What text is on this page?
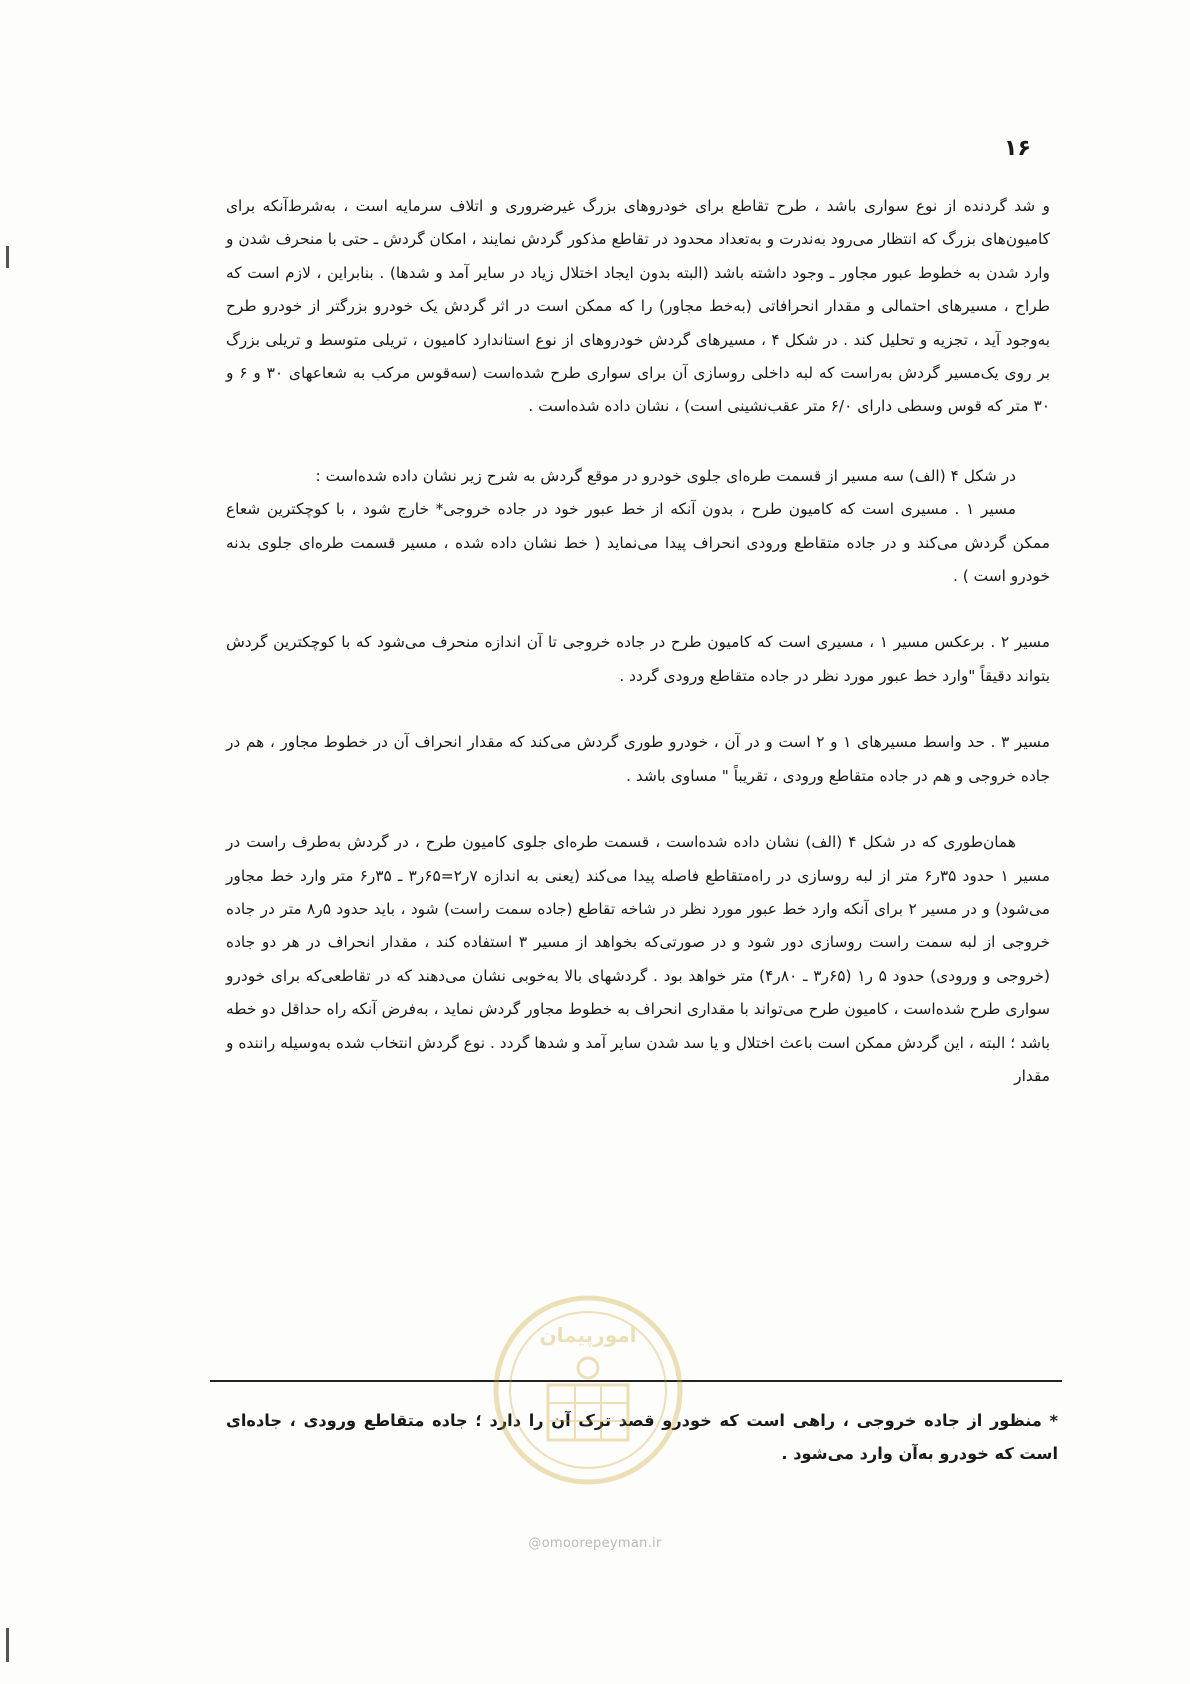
۱۶

و شد گردنده از نوع سواری باشد ، طرح تقاطع برای خودروهای بزرگ غیرضروری و اتلاف سرمایه است ، به‌شرط‌آنکه برای کامیون‌های بزرگ که انتظار می‌رود به‌ندرت و به‌تعداد محدود در تقاطع مذکور گردش نمایند ، امکان گردش ـ حتی با منحرف شدن و وارد شدن به خطوط عبور مجاور ـ وجود داشته باشد (البته بدون ایجاد اختلال زیاد در سایر آمد و شدها) . بنابراین ، لازم است که طراح ، مسیرهای احتمالی و مقدار انحرافاتی (به‌خط مجاور) را که ممکن است در اثر گردش یک خودرو بزرگتر از خودرو طرح به‌وجود آید ، تجزیه و تحلیل کند . در شکل ۴ ، مسیرهای گردش خودروهای از نوع استاندارد کامیون ، تریلی متوسط و تریلی بزرگ بر روی یک‌مسیر گردش به‌راست که لبه داخلی روسازی آن برای سواری طرح شده‌است (سه‌قوس مرکب به شعاعهای ۳۰ و ۶ و ۳۰ متر که قوس وسطی دارای ۶/۰ متر عقب‌نشینی است) ، نشان داده شده‌است .

در شکل ۴ (الف) سه مسیر از قسمت طره‌ای جلوی خودرو در موقع گردش به شرح زیر نشان داده شده‌است :

مسیر ۱ . مسیری است که کامیون طرح ، بدون آنکه از خط عبور خود در جاده خروجی* خارج شود ، با کوچکترین شعاع ممکن گردش می‌کند و در جاده متقاطع ورودی انحراف پیدا می‌نماید ( خط نشان داده شده ، مسیر قسمت طره‌ای جلوی بدنه خودرو است ) .

مسیر ۲ . برعکس مسیر ۱ ، مسیری است که کامیون طرح در جاده خروجی تا آن اندازه منحرف می‌شود که با کوچکترین گردش بتواند دقیقاً "وارد خط عبور مورد نظر در جاده متقاطع ورودی گردد .

مسیر ۳ . حد واسط مسیرهای ۱ و ۲ است و در آن ، خودرو طوری گردش می‌کند که مقدار انحراف آن در خطوط مجاور ، هم در جاده خروجی و هم در جاده متقاطع ورودی ، تقریباً " مساوی باشد .

همان‌طوری که در شکل ۴ (الف) نشان داده شده‌است ، قسمت طره‌ای جلوی کامیون طرح ، در گردش به‌طرف راست در مسیر ۱ حدود ۳۵ر۶ متر از لبه روسازی در راه‌متقاطع فاصله پیدا می‌کند (یعنی به اندازه ۷ر۲=۶۵ر۳ ـ ۳۵ر۶ متر وارد خط مجاور می‌شود) و در مسیر ۲ برای آنکه وارد خط عبور مورد نظر در شاخه تقاطع (جاده سمت راست) شود ، باید حدود ۵ر۸ متر در جاده خروجی از لبه سمت راست روسازی دور شود و در صورتی‌که بخواهد از مسیر ۳ استفاده کند ، مقدار انحراف در هر دو جاده (خروجی و ورودی) حدود ۵ ر۱ (۶۵ر۳ ـ ۸۰ر۴) متر خواهد بود . گردشهای بالا به‌خوبی نشان می‌دهند که در تقاطعی‌که برای خودرو سواری طرح شده‌است ، کامیون طرح می‌تواند با مقداری انحراف به خطوط مجاور گردش نماید ، به‌فرض آنکه راه حداقل دو خطه باشد ؛ البته ، این گردش ممکن است باعث اختلال و یا سد شدن سایر آمد و شدها گردد . نوع گردش انتخاب شده به‌وسیله راننده و مقدار

* منظور از جاده خروجی ، راهی است که خودرو قصد ترک آن را دارد ؛ جاده متقاطع ورودی ، جاده‌ای است که خودرو به‌آن وارد می‌شود .
امورپیمان
@omoorepeyman.ir
